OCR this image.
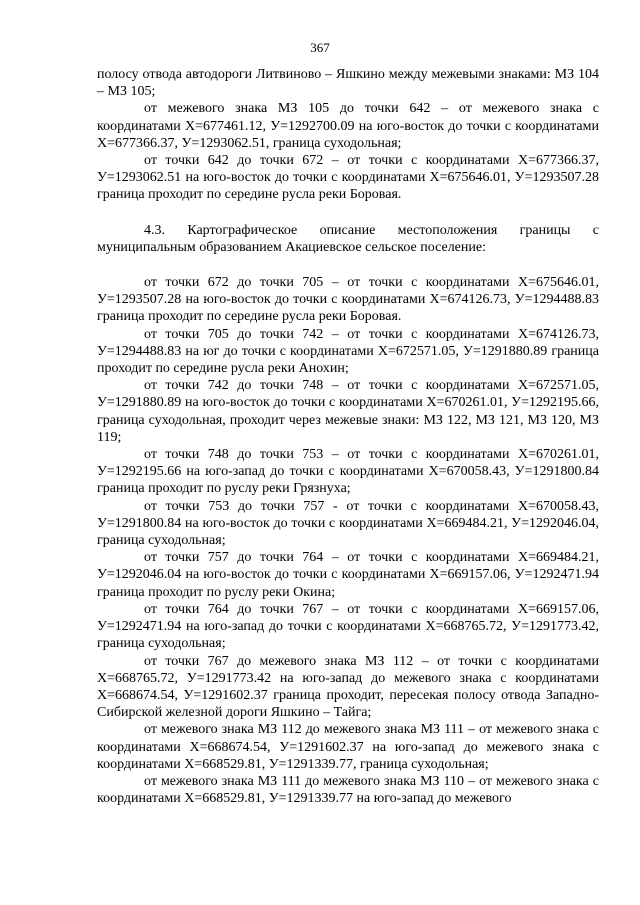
367

полосу отвода автодороги Литвиново – Яшкино между межевыми знаками: МЗ 104 – МЗ 105;

от межевого знака МЗ 105 до точки 642 – от межевого знака с координатами Х=677461.12, У=1292700.09 на юго-восток до точки с координатами Х=677366.37, У=1293062.51, граница суходольная;

от точки 642 до точки 672 – от точки с координатами Х=677366.37, У=1293062.51 на юго-восток до точки с координатами Х=675646.01, У=1293507.28 граница проходит по середине русла реки Боровая.

4.3. Картографическое описание местоположения границы с муниципальным образованием Акациевское сельское поселение:

от точки 672 до точки 705 – от точки с координатами Х=675646.01, У=1293507.28 на юго-восток до точки с координатами Х=674126.73, У=1294488.83 граница проходит по середине русла реки Боровая.

от точки 705 до точки 742 – от точки с координатами Х=674126.73, У=1294488.83 на юг до точки с координатами Х=672571.05, У=1291880.89 граница проходит по середине русла реки Анохин;

от точки 742 до точки 748 – от точки с координатами Х=672571.05, У=1291880.89 на юго-восток до точки с координатами Х=670261.01, У=1292195.66, граница суходольная, проходит через межевые знаки: МЗ 122, МЗ 121, МЗ 120, МЗ 119;

от точки 748 до точки 753 – от точки с координатами Х=670261.01, У=1292195.66 на юго-запад до точки с координатами Х=670058.43, У=1291800.84 граница проходит по руслу реки Грязнуха;

от точки 753 до точки 757 - от точки с координатами Х=670058.43, У=1291800.84 на юго-восток до точки с координатами Х=669484.21, У=1292046.04, граница суходольная;

от точки 757 до точки 764 – от точки с координатами Х=669484.21, У=1292046.04 на юго-восток до точки с координатами Х=669157.06, У=1292471.94 граница проходит по руслу реки Окина;

от точки 764 до точки 767 – от точки с координатами Х=669157.06, У=1292471.94 на юго-запад до точки с координатами Х=668765.72, У=1291773.42, граница суходольная;

от точки 767 до межевого знака МЗ 112 – от точки с координатами Х=668765.72, У=1291773.42 на юго-запад до межевого знака с координатами Х=668674.54, У=1291602.37 граница проходит, пересекая полосу отвода Западно-Сибирской железной дороги Яшкино – Тайга;

от межевого знака МЗ 112 до межевого знака МЗ 111 – от межевого знака с координатами Х=668674.54, У=1291602.37 на юго-запад до межевого знака с координатами Х=668529.81, У=1291339.77, граница суходольная;

от межевого знака МЗ 111 до межевого знака МЗ 110 – от межевого знака с координатами Х=668529.81, У=1291339.77 на юго-запад до межевого
